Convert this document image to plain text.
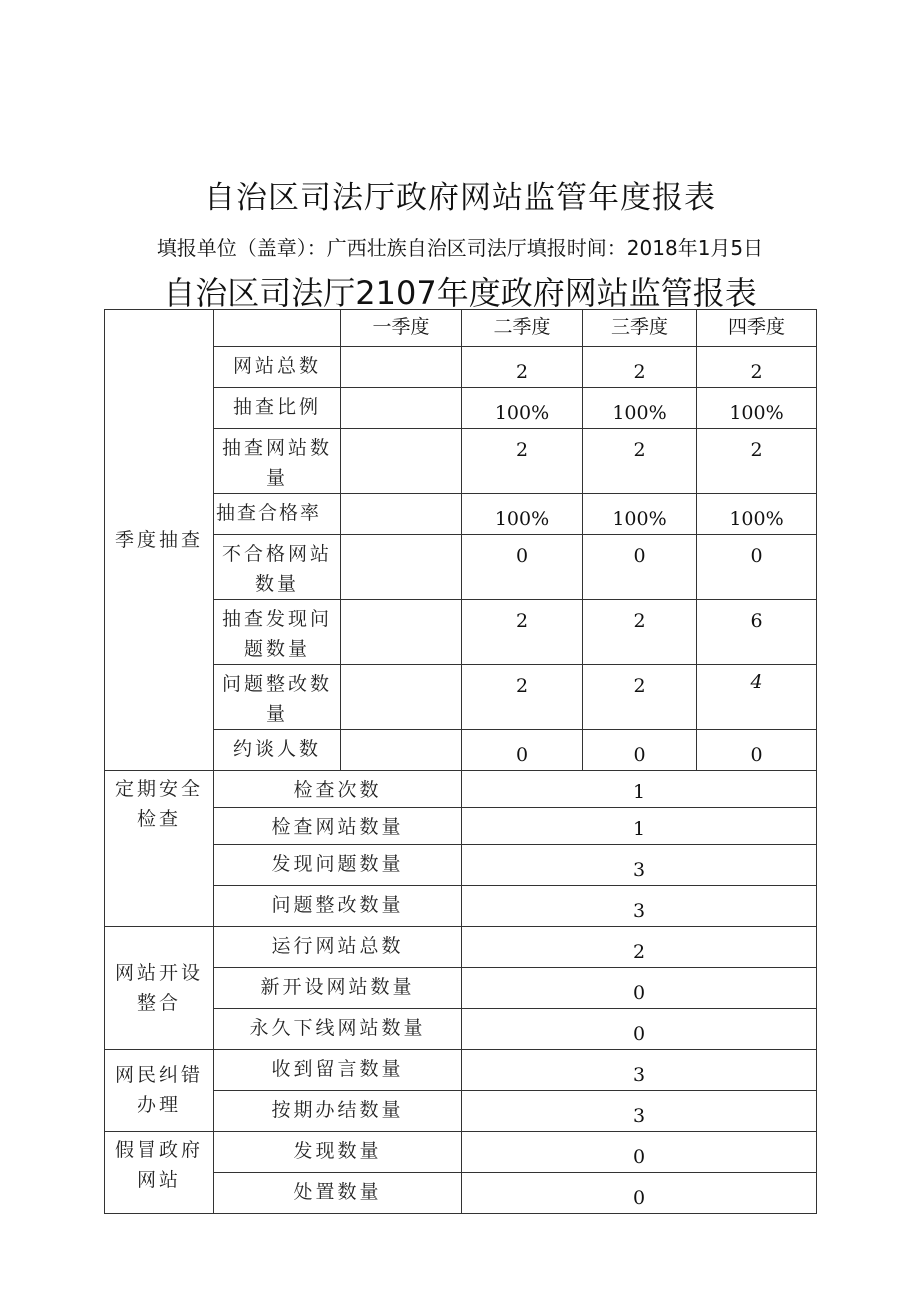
自治区司法厅政府网站监管年度报表
填报单位（盖章）：广西壮族自治区司法厅填报时间：2018年1月5日
自治区司法厅2107年度政府网站监管报表
季度抽查		一季度	二季度	三季度	四季度
	网站总数		2	2	2
	抽查比例		100%	100%	100%
	抽查网站数量		2	2	2
	抽查合格率		100%	100%	100%
	不合格网站数量		0	0	0
	抽查发现问题数量		2	2	6
	问题整改数量		2	2	4
	约谈人数		0	0	0
定期安全检查	检查次数		1		
	检查网站数量		1		
	发现问题数量		3		
	问题整改数量		3		
网站开设整合	运行网站总数		2		
	新开设网站数量		0		
	永久下线网站数量		0		
网民纠错办理	收到留言数量		3		
	按期办结数量		3		
假冒政府网站	发现数量		0		
	处置数量		0		
